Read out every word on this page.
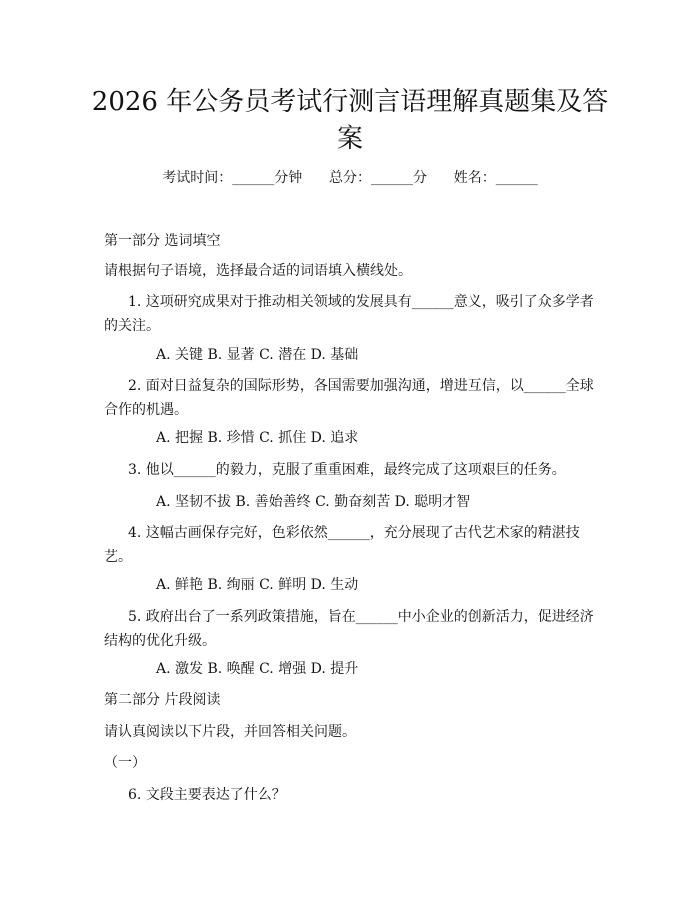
2026 年公务员考试行测言语理解真题集及答案
考试时间：______分钟      总分：______分      姓名：______
第一部分 选词填空
请根据句子语境，选择最合适的词语填入横线处。
1. 这项研究成果对于推动相关领域的发展具有______意义，吸引了众多学者的关注。
A. 关键 B. 显著 C. 潜在 D. 基础
2. 面对日益复杂的国际形势，各国需要加强沟通，增进互信，以______全球合作的机遇。
A. 把握 B. 珍惜 C. 抓住 D. 追求
3. 他以______的毅力，克服了重重困难，最终完成了这项艰巨的任务。
A. 坚韧不拔 B. 善始善终 C. 勤奋刻苦 D. 聪明才智
4. 这幅古画保存完好，色彩依然______，充分展现了古代艺术家的精湛技艺。
A. 鲜艳 B. 绚丽 C. 鲜明 D. 生动
5. 政府出台了一系列政策措施，旨在______中小企业的创新活力，促进经济结构的优化升级。
A. 激发 B. 唤醒 C. 增强 D. 提升
第二部分 片段阅读
请认真阅读以下片段，并回答相关问题。
（一）
6. 文段主要表达了什么？
